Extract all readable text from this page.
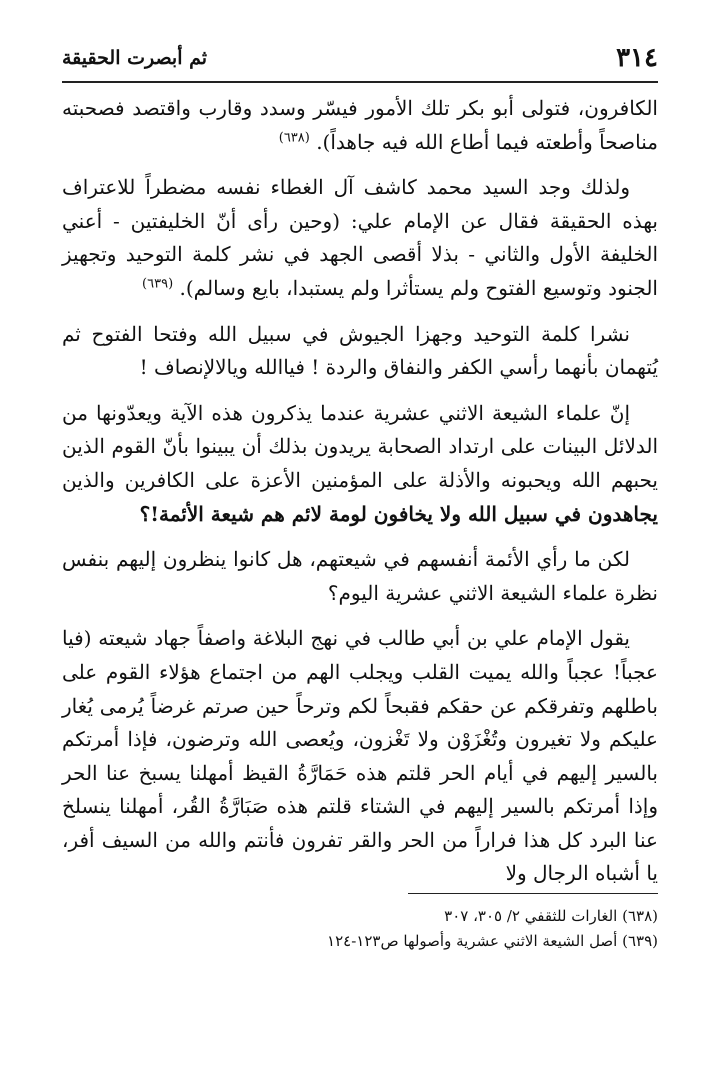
٣١٤
ثم أبصرت الحقيقة

الكافرون، فتولى أبو بكر تلك الأمور فيسّر وسدد وقارب واقتصد فصحبته مناصحاً وأطعته فيما أطاع الله فيه جاهداً). $^{(٦٣٨)}$

ولذلك وجد السيد محمد كاشف آل الغطاء نفسه مضطراً للاعتراف بهذه الحقيقة فقال عن الإمام علي: (وحين رأى أنّ الخليفتين - أعني الخليفة الأول والثاني - بذلا أقصى الجهد في نشر كلمة التوحيد وتجهيز الجنود وتوسيع الفتوح ولم يستأثرا ولم يستبدا، بايع وسالم). $^{(٦٣٩)}$

نشرا كلمة التوحيد وجهزا الجيوش في سبيل الله وفتحا الفتوح ثم يُتهمان بأنهما رأسي الكفر والنفاق والردة ! فياالله ويالالإنصاف !

إنّ علماء الشيعة الاثني عشرية عندما يذكرون هذه الآية ويعدّونها من الدلائل البينات على ارتداد الصحابة يريدون بذلك أن يبينوا بأنّ القوم الذين يحبهم الله ويحبونه والأذلة على المؤمنين الأعزة على الكافرين والذين يجاهدون في سبيل الله ولا يخافون لومة لائم هم شيعة الأئمة!؟

لكن ما رأي الأئمة أنفسهم في شيعتهم، هل كانوا ينظرون إليهم بنفس نظرة علماء الشيعة الاثني عشرية اليوم؟

يقول الإمام علي بن أبي طالب في نهج البلاغة واصفاً جهاد شيعته (فيا عجباً! عجباً والله يميت القلب ويجلب الهم من اجتماع هؤلاء القوم على باطلهم وتفرقكم عن حقكم فقبحاً لكم وترحاً حين صرتم غرضاً يُرمى يُغار عليكم ولا تغيرون وتُغْزَوْن ولا تَغْزون، ويُعصى الله وترضون، فإذا أمرتكم بالسير إليهم في أيام الحر قلتم هذه حَمَارَّةُ القيظ أمهلنا يسبخ عنا الحر وإذا أمرتكم بالسير إليهم في الشتاء قلتم هذه صَبَارَّةُ القُر، أمهلنا ينسلخ عنا البرد كل هذا فراراً من الحر والقر تفرون فأنتم والله من السيف أفر، يا أشباه الرجال ولا

(٦٣٨) الغارات للثقفي ٢/ ٣٠٥، ٣٠٧

(٦٣٩) أصل الشيعة الاثني عشرية وأصولها ص١٢٣-١٢٤
